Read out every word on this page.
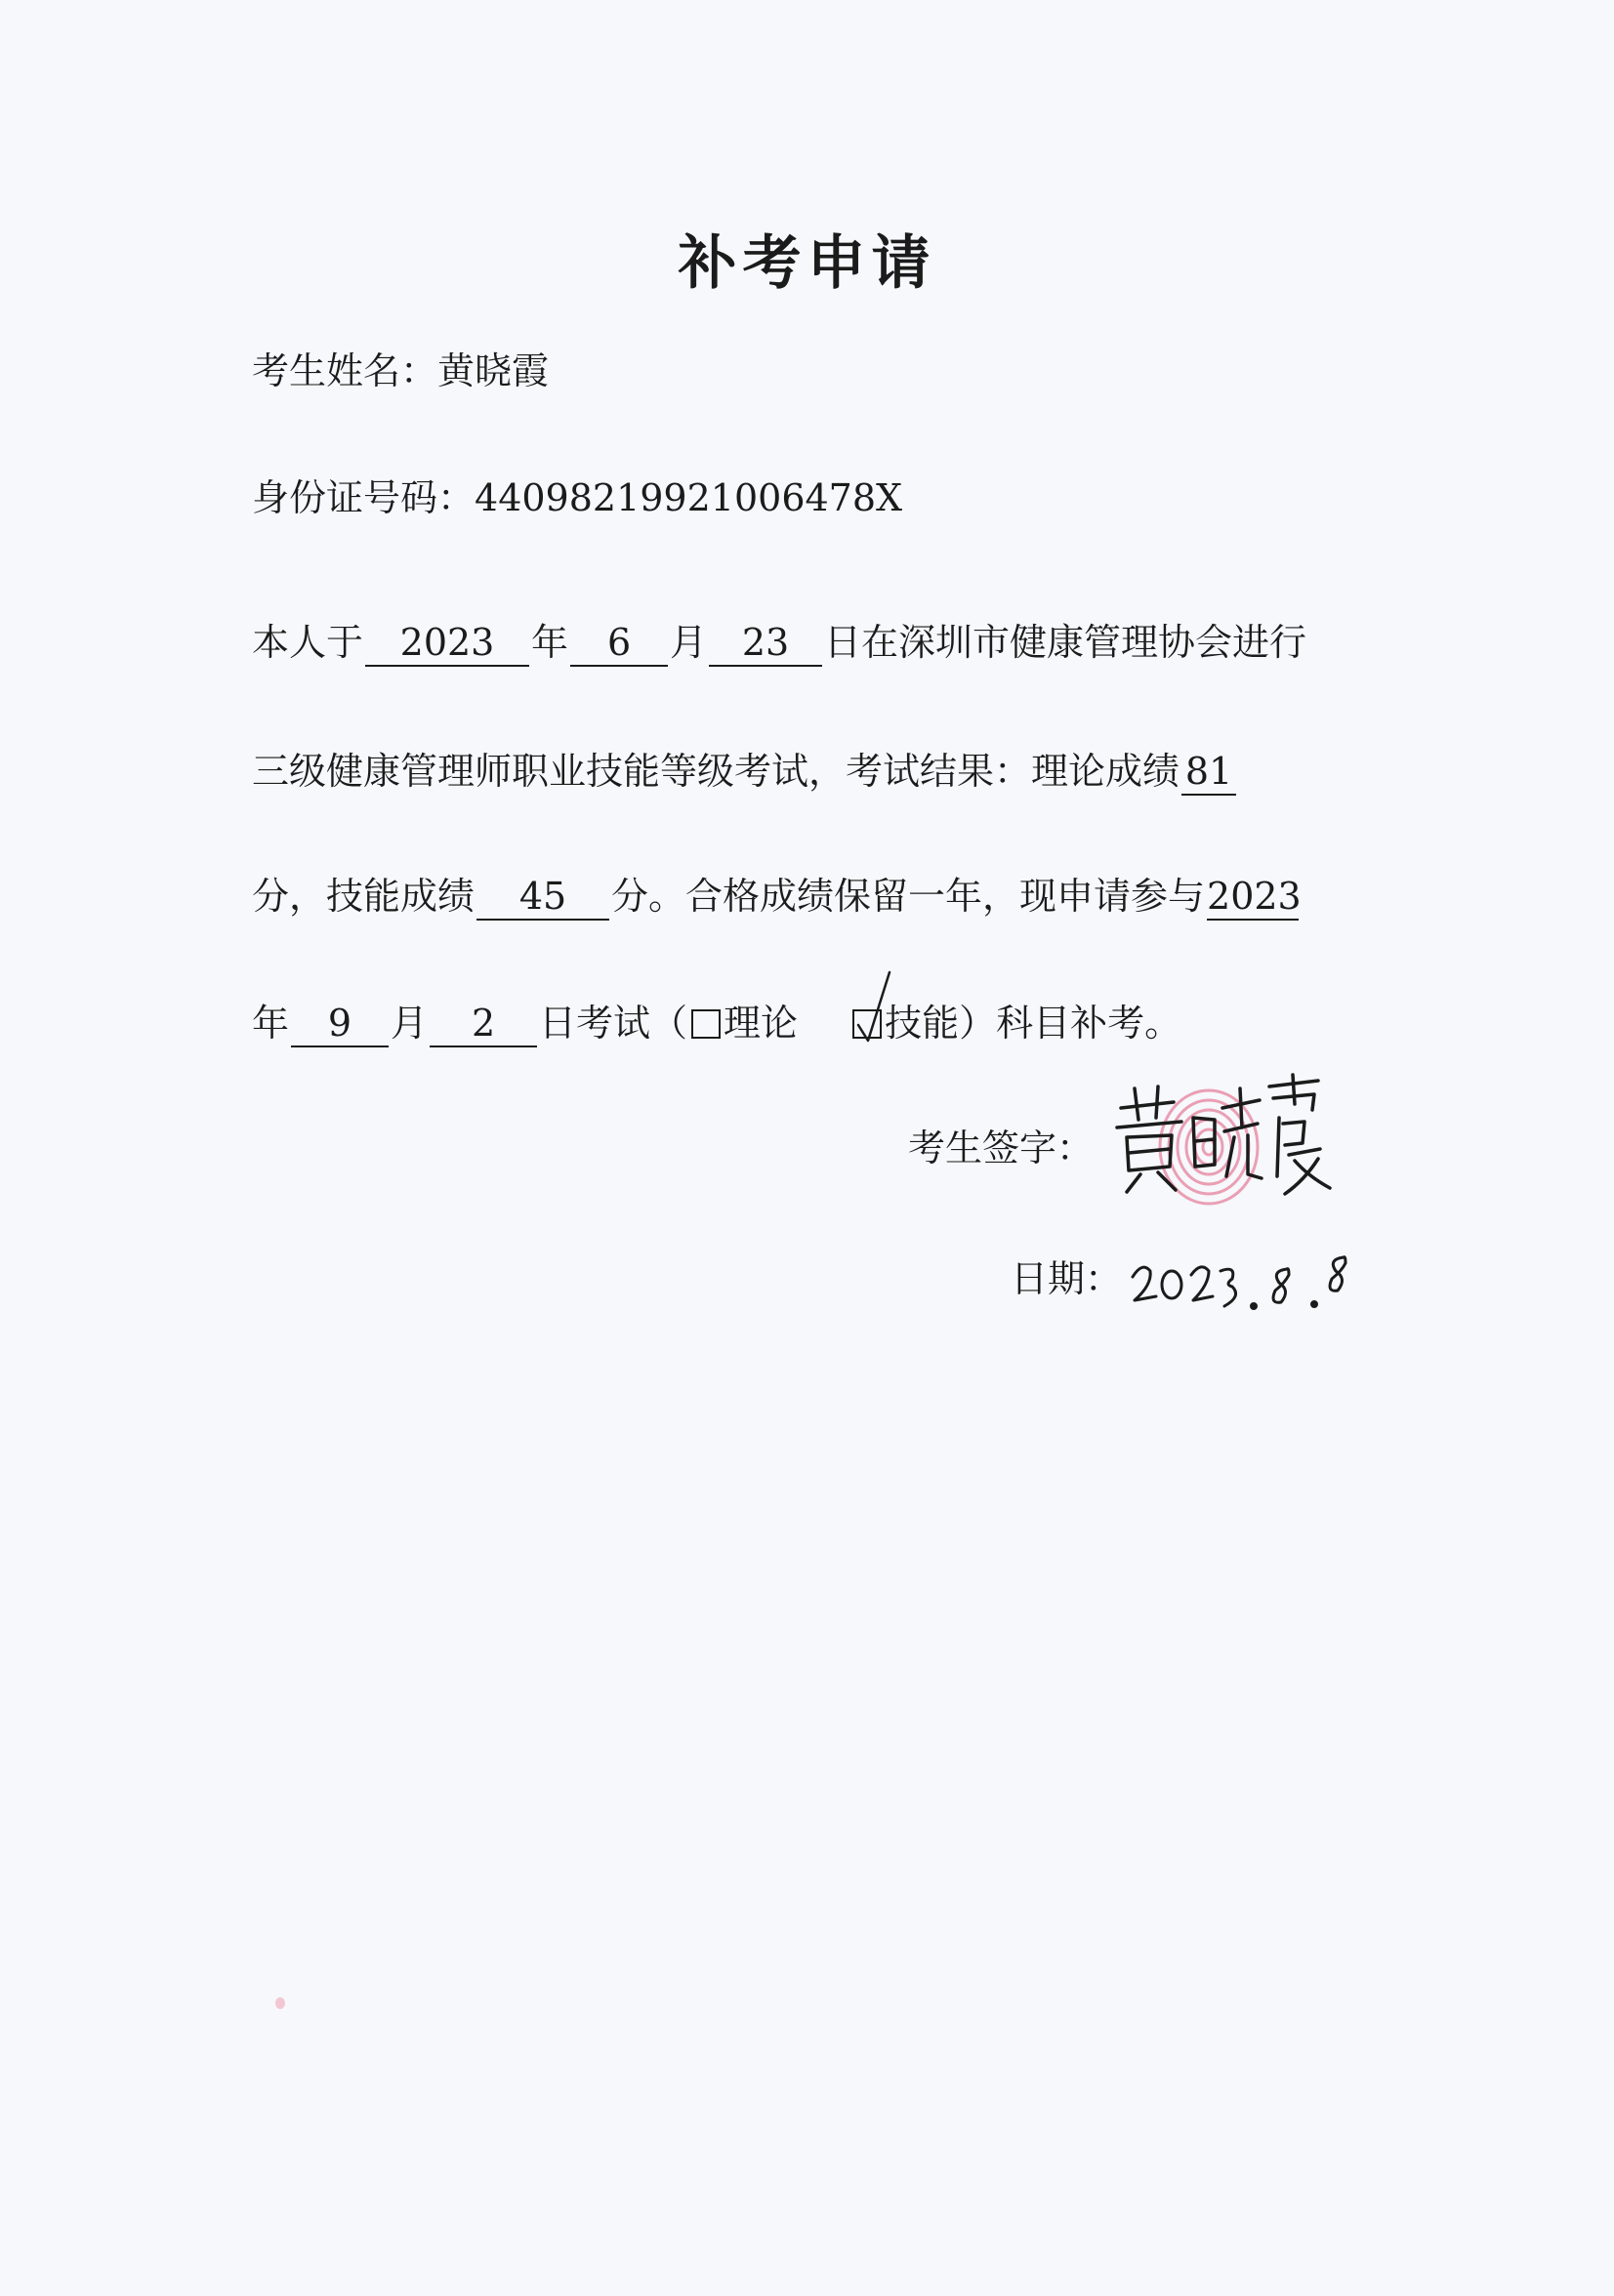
补考申请
考生姓名：黄晓霞
身份证号码：44098219921006478X
本人于 2023 年 6 月 23 日在深圳市健康管理协会进行
三级健康管理师职业技能等级考试，考试结果：理论成绩 81
分，技能成绩 45 分。合格成绩保留一年，现申请参与2023
年 9 月 2 日考试（ 理论 技能）科目补考。
考生签字：
日期：
